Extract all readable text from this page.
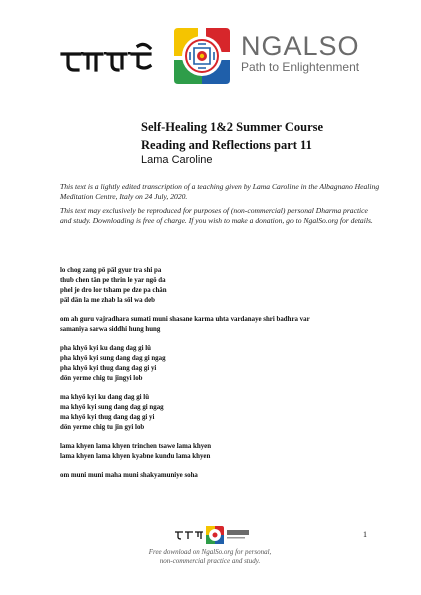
NGALSO
Path to Enlightenment
Self-Healing 1&2 Summer Course
Reading and Reflections part 11
Lama Caroline

This text is a lightly edited transcription of a teaching given by Lama Caroline in the Albagnano Healing Meditation Centre, Italy on 24 July, 2020.

This text may exclusively be reproduced for purposes of (non-commercial) personal Dharma practice and study. Downloading is free of charge. If you wish to make a donation, go to NgalSo.org for details.

lo chog zang pö päl gyur tra shi pa
thub chen tän pe thrin le yar ngö da
phel je dro lor tsham pe dze pa chän
päl dän la me zhab la söl wa deb
om ah guru vajradhara sumati muni shasane karma uhta vardanaye shri badhra var
samaniya sarwa siddhi hung hung
pha khyö kyi ku dang dag gi lü
pha khyö kyi sung dang dag gi ngag
pha khyö kyi thug dang dag gi yi
dön yerme chig tu jingyi lob
ma khyö kyi ku dang dag gi lü
ma khyö kyi sung dang dag gi ngag
ma khyö kyi thug dang dag gi yi
dön yerme chig tu jin gyi lob
lama khyen lama khyen trinchen tsawe lama khyen
lama khyen lama khyen kyabne kundu lama khyen
om muni muni maha muni shakyamuniye soha
Free download on NgalSo.org for personal,
non-commercial practice and study.
1
